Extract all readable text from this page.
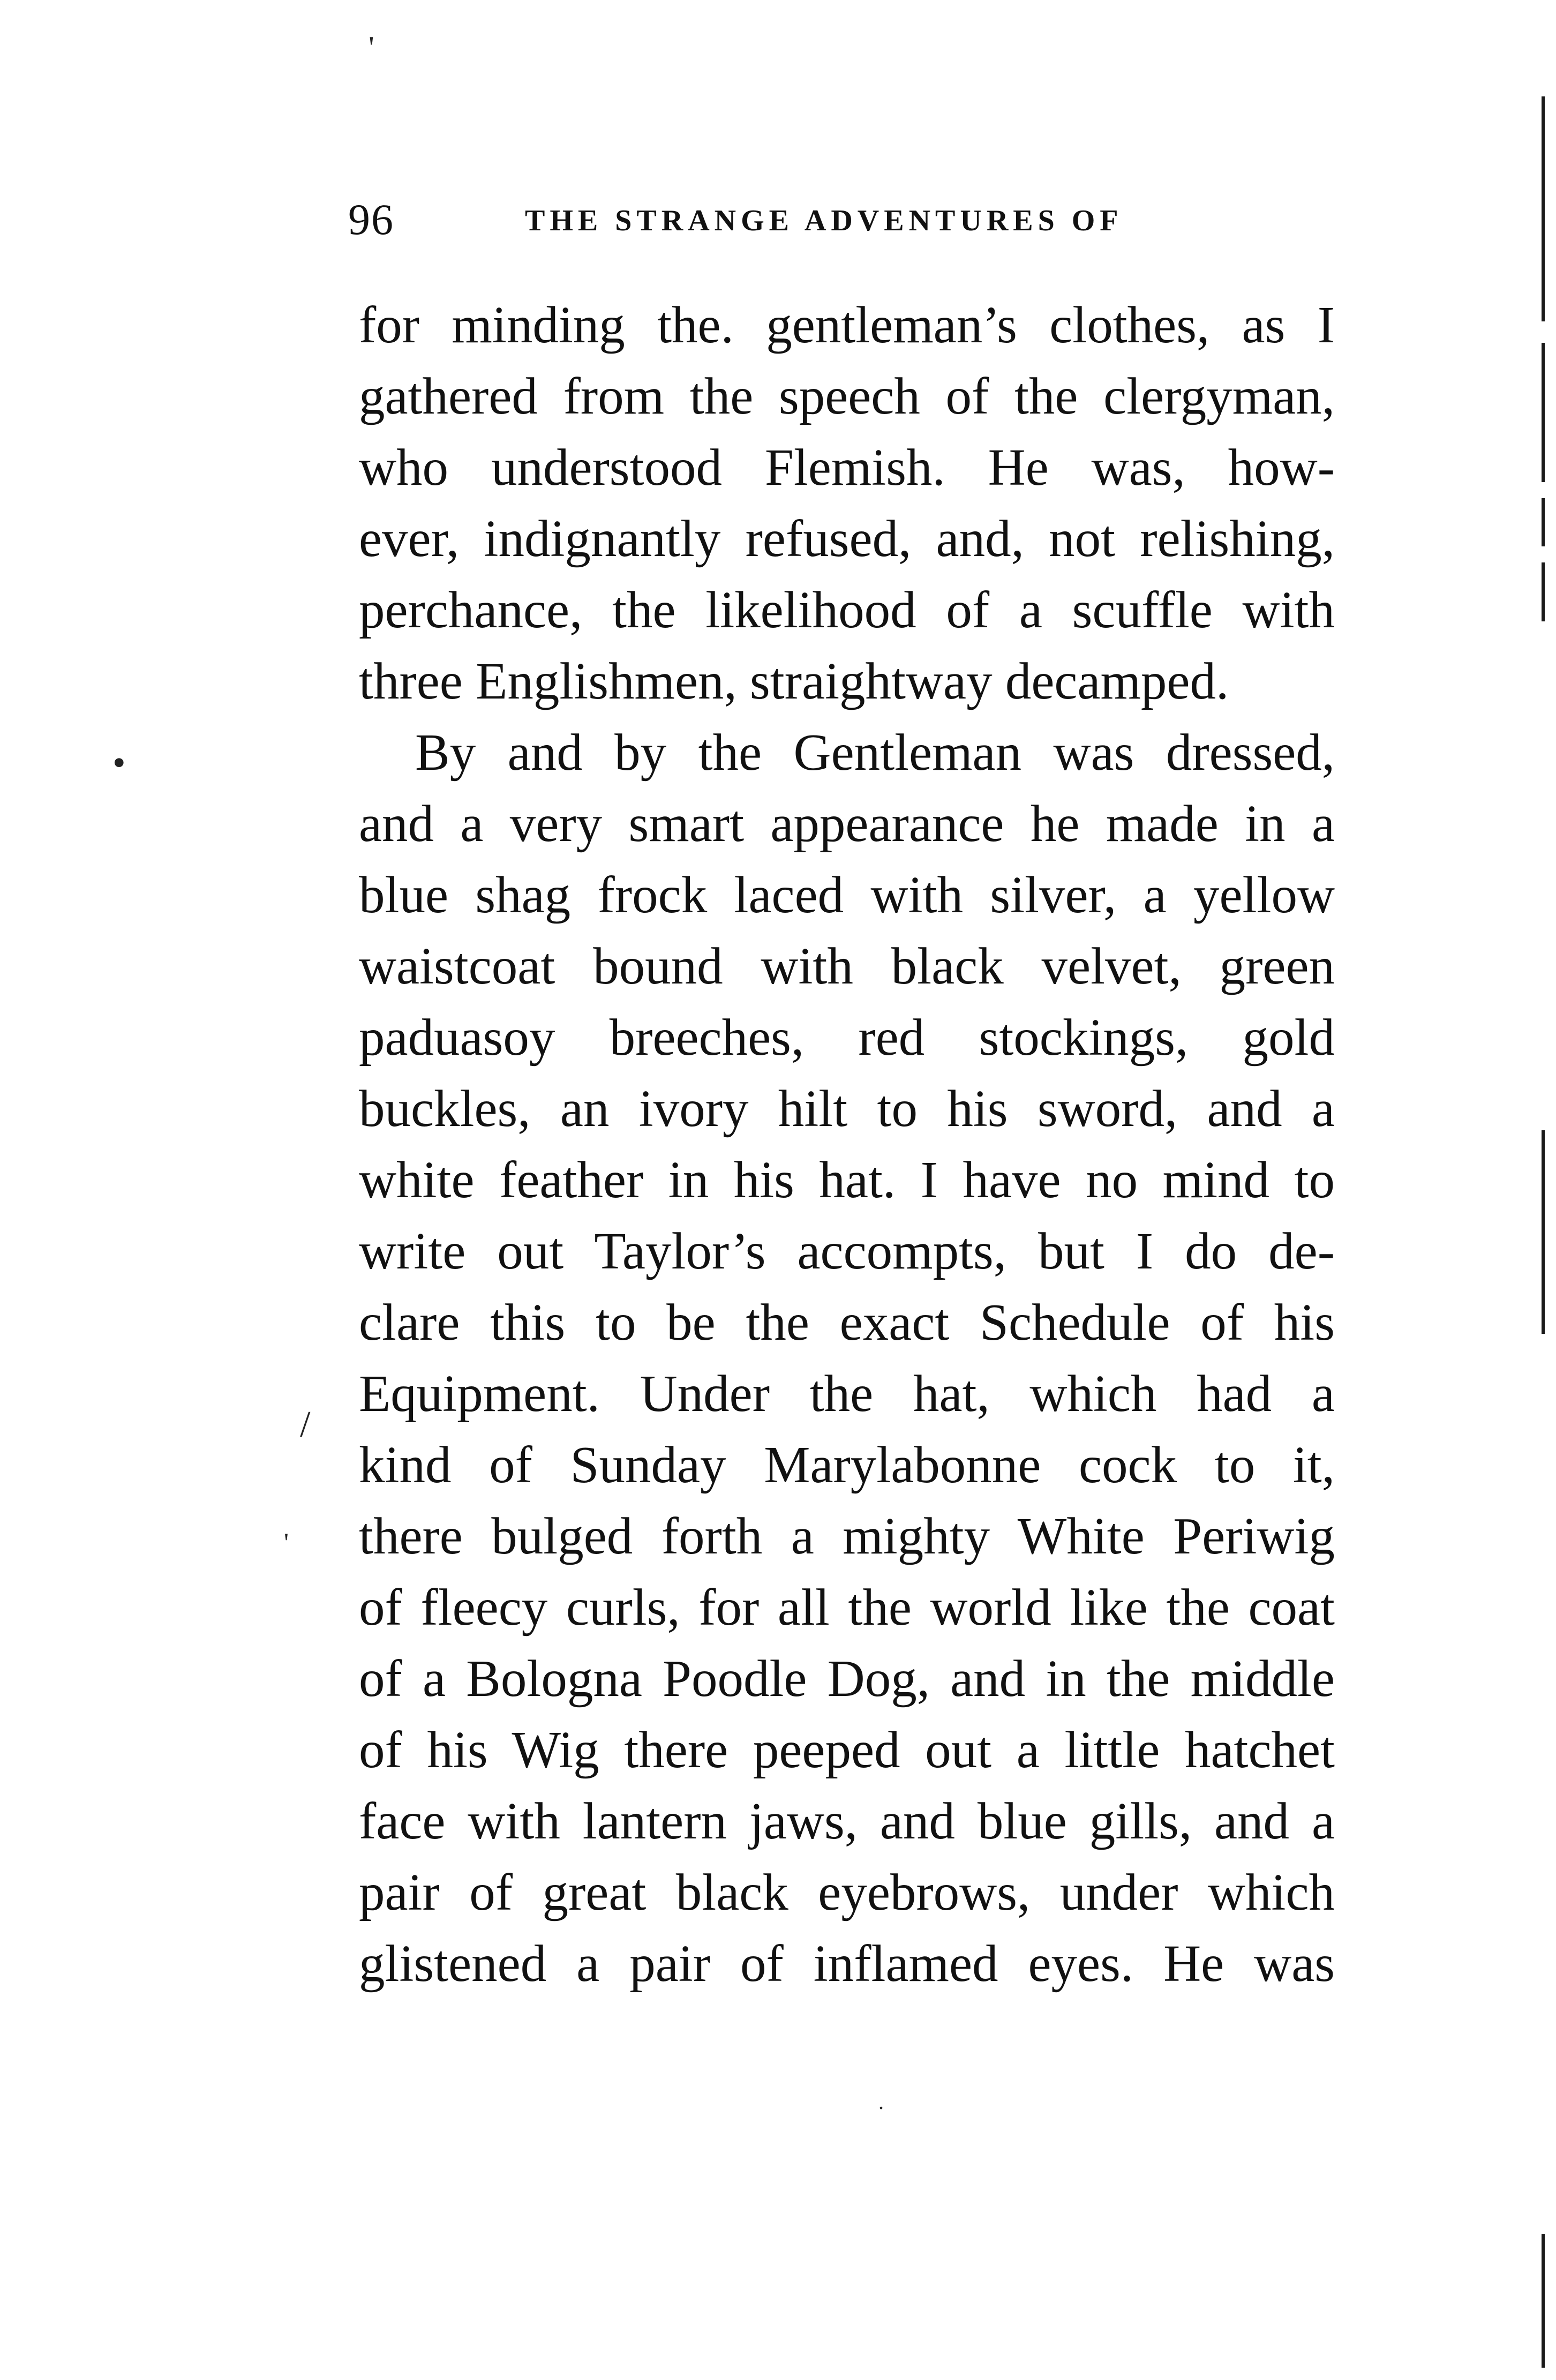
'
•
/
'
.
96	THE STRANGE ADVENTURES OF
for minding the. gentleman’s clothes, as I
gathered from the speech of the clergyman,
who understood Flemish. He was, how-
ever, indignantly refused, and, not relishing,
perchance, the likelihood of a scuffle with
three Englishmen, straightway decamped.
By and by the Gentleman was dressed,
and a very smart appearance he made in a
blue shag frock laced with silver, a yellow
waistcoat bound with black velvet, green
paduasoy breeches, red stockings, gold
buckles, an ivory hilt to his sword, and a
white feather in his hat. I have no mind to
write out Taylor’s accompts, but I do de-
clare this to be the exact Schedule of his
Equipment. Under the hat, which had a
kind of Sunday Marylabonne cock to it,
there bulged forth a mighty White Periwig
of fleecy curls, for all the world like the coat
of a Bologna Poodle Dog, and in the middle
of his Wig there peeped out a little hatchet
face with lantern jaws, and blue gills, and a
pair of great black eyebrows, under which
glistened a pair of inflamed eyes. He was
